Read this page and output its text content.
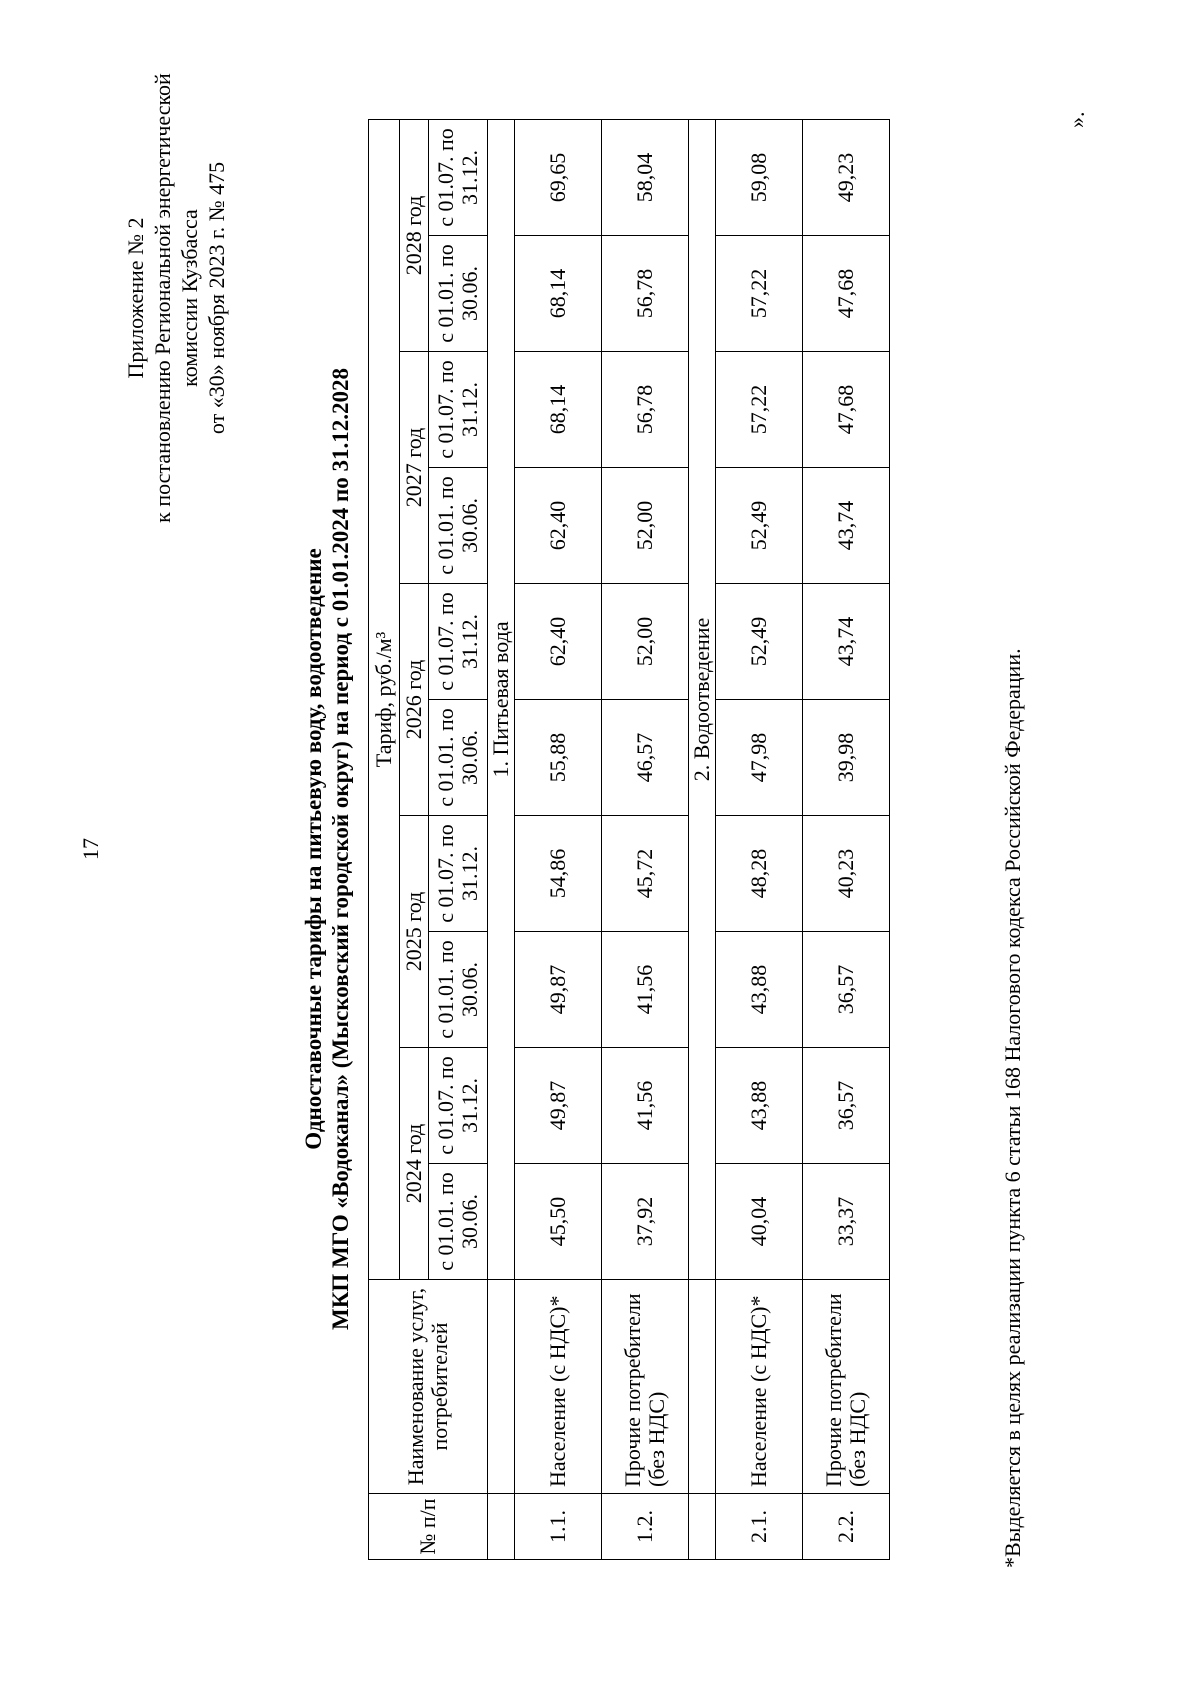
17
Приложение № 2 к постановлению Региональной энергетической комиссии Кузбасса от «30» ноября 2023 г. № 475
Одноставочные тарифы на питьевую воду, водоотведение МКП МГО «Водоканал» (Мысковский городской округ) на период с 01.01.2024 по 31.12.2028
№ п/п	Наименование услуг, потребителей	Тариф, руб./м³									
		2024 год		2025 год		2026 год		2027 год		2028 год	
		с 01.01. по 30.06.	с 01.07. по 31.12.	с 01.01. по 30.06.	с 01.07. по 31.12.	с 01.01. по 30.06.	с 01.07. по 31.12.	с 01.01. по 30.06.	с 01.07. по 31.12.	с 01.01. по 30.06.	с 01.07. по 31.12.
		1. Питьевая вода									
1.1.	Население (с НДС)*	45,50	49,87	49,87	54,86	55,88	62,40	62,40	68,14	68,14	69,65
1.2.	Прочие потребители (без НДС)	37,92	41,56	41,56	45,72	46,57	52,00	52,00	56,78	56,78	58,04
		2. Водоотведение									
2.1.	Население (с НДС)*	40,04	43,88	43,88	48,28	47,98	52,49	52,49	57,22	57,22	59,08
2.2.	Прочие потребители (без НДС)	33,37	36,57	36,57	40,23	39,98	43,74	43,74	47,68	47,68	49,23
*Выделяется в целях реализации пункта 6 статьи 168 Налогового кодекса Российской Федерации.
».
